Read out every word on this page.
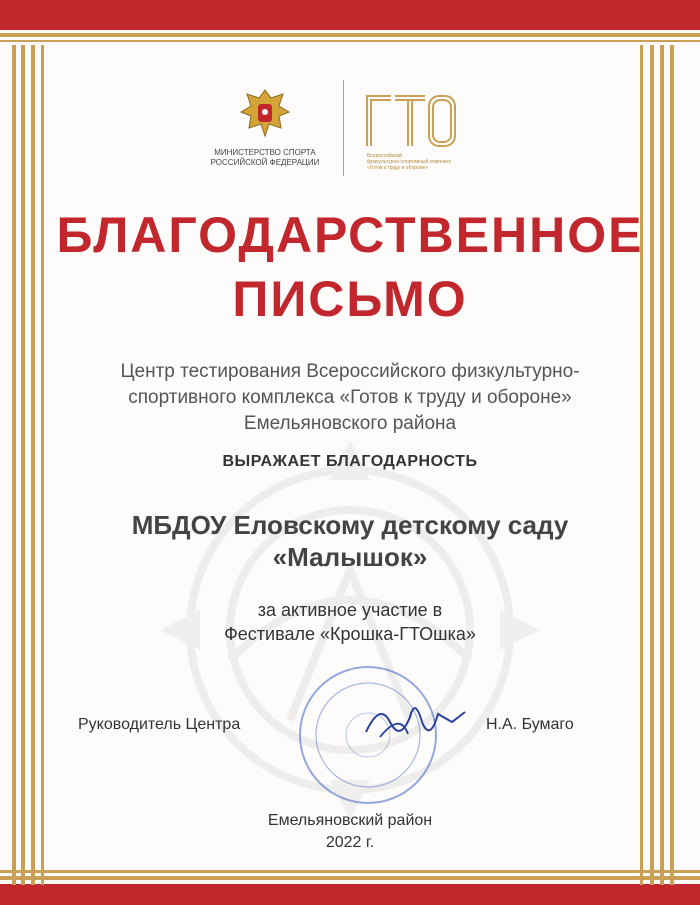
МИНИСТЕРСТВО СПОРТА
РОССИЙСКОЙ ФЕДЕРАЦИИ
Всероссийский
физкультурно-спортивный комплекс
«Готов к труду и обороне»
БЛАГОДАРСТВЕННОЕ
ПИСЬМО
Центр тестирования Всероссийского физкультурно-
спортивного комплекса «Готов к труду и обороне»
Емельяновского района
ВЫРАЖАЕТ БЛАГОДАРНОСТЬ
МБДОУ Еловскому детскому саду
«Малышок»
за активное участие в
Фестивале «Крошка-ГТОшка»
Руководитель Центра	Н.А. Бумаго
Емельяновский район
2022 г.
